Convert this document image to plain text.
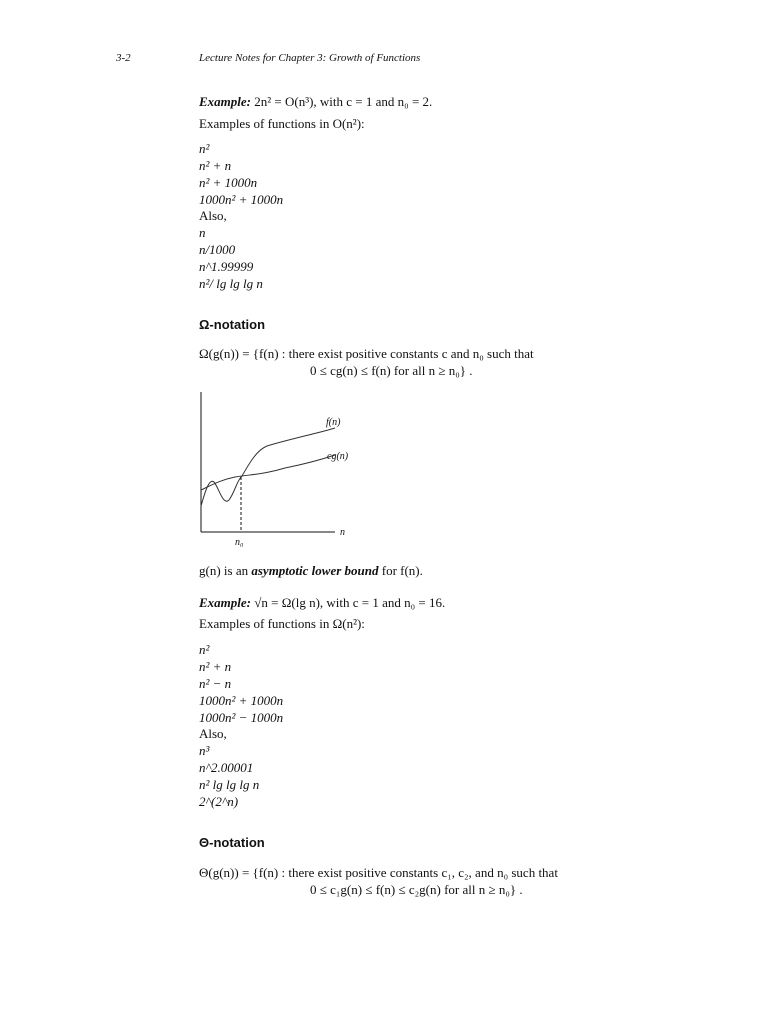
3-2	Lecture Notes for Chapter 3: Growth of Functions
Example: 2n² = O(n³), with c = 1 and n₀ = 2.
Examples of functions in O(n²):
n²
n² + n
n² + 1000n
1000n² + 1000n
Also,
n
n/1000
n^1.99999
n²/ lg lg lg n
Ω-notation
Ω(g(n)) = {f(n) : there exist positive constants c and n₀ such that
0 ≤ cg(n) ≤ f(n) for all n ≥ n₀} .
f(n)
cg(n)
n
n₀
g(n) is an asymptotic lower bound for f(n).
Example: √n = Ω(lg n), with c = 1 and n₀ = 16.
Examples of functions in Ω(n²):
n²
n² + n
n² − n
1000n² + 1000n
1000n² − 1000n
Also,
n³
n^2.00001
n² lg lg lg n
2^(2^n)
Θ-notation
Θ(g(n)) = {f(n) : there exist positive constants c₁, c₂, and n₀ such that
0 ≤ c₁g(n) ≤ f(n) ≤ c₂g(n) for all n ≥ n₀} .
